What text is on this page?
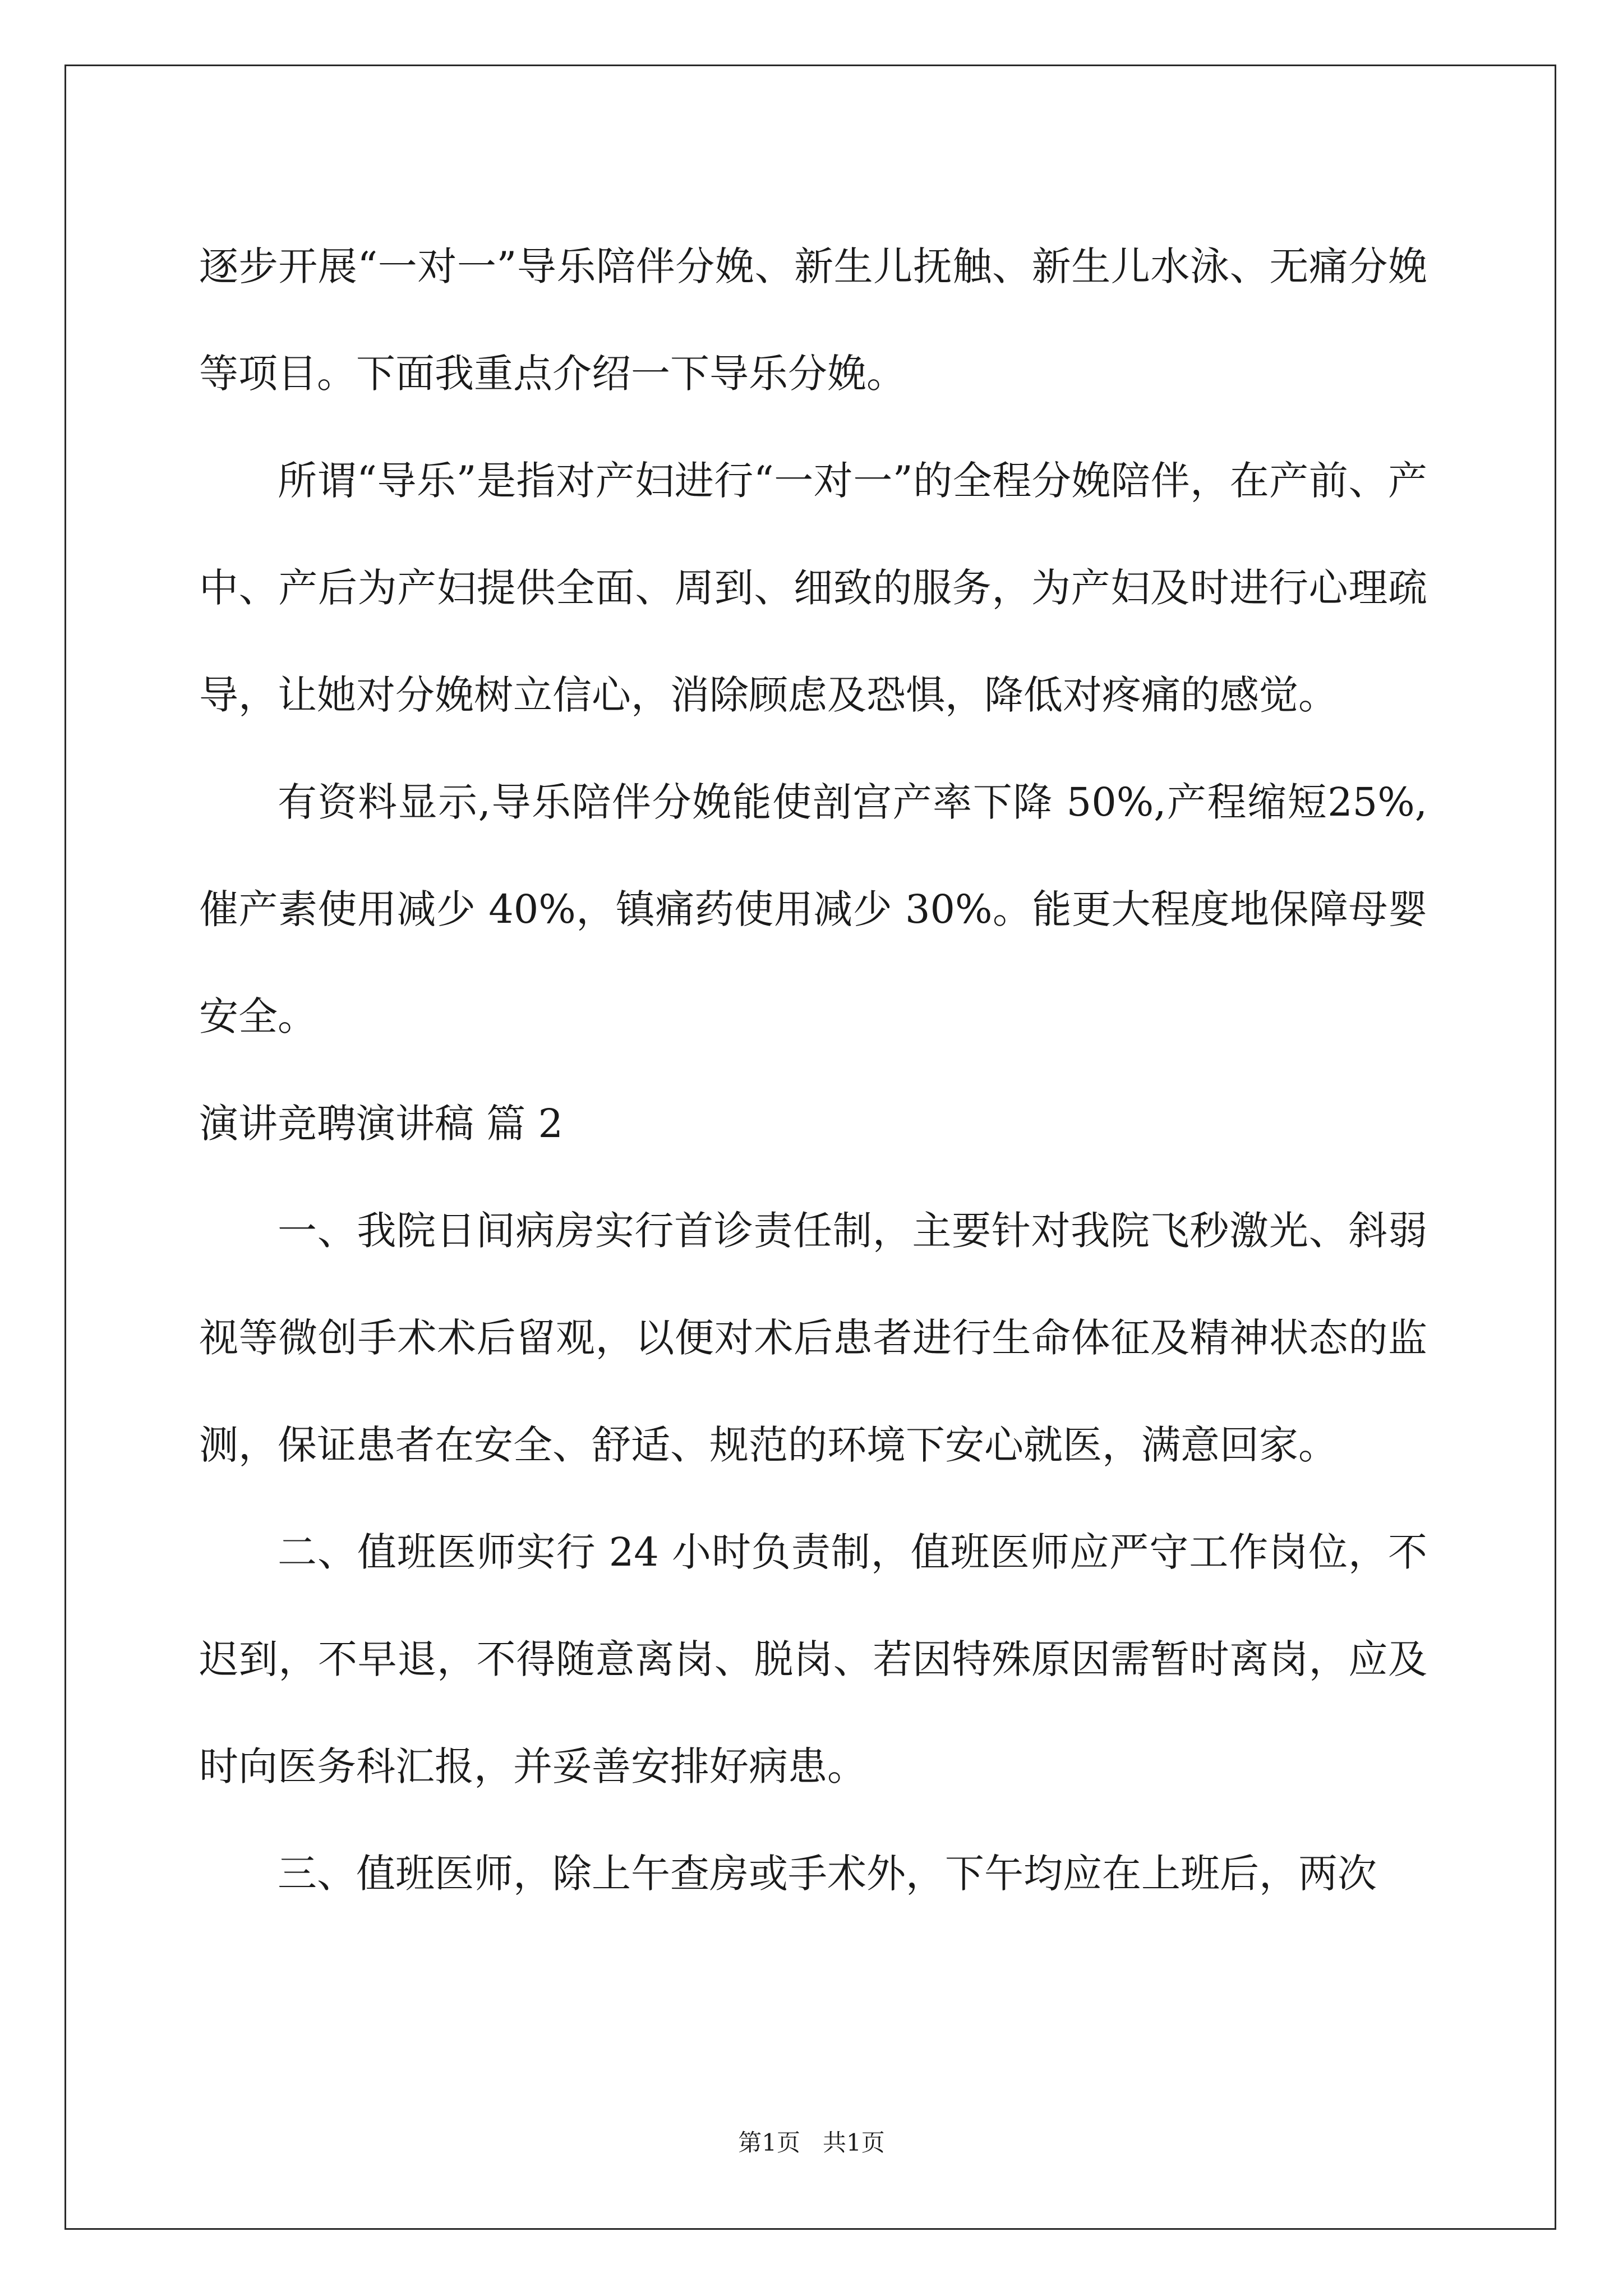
逐步开展“一对一”导乐陪伴分娩、新生儿抚触、新生儿水泳、无痛分娩等项目。下面我重点介绍一下导乐分娩。

所谓“导乐”是指对产妇进行“一对一”的全程分娩陪伴，在产前、产中、产后为产妇提供全面、周到、细致的服务，为产妇及时进行心理疏导，让她对分娩树立信心，消除顾虑及恐惧，降低对疼痛的感觉。

有资料显示,导乐陪伴分娩能使剖宫产率下降 50%,产程缩短25%,催产素使用减少 40%，镇痛药使用减少 30%。能更大程度地保障母婴安全。

演讲竞聘演讲稿 篇 2

一、我院日间病房实行首诊责任制，主要针对我院飞秒激光、斜弱视等微创手术术后留观，以便对术后患者进行生命体征及精神状态的监测，保证患者在安全、舒适、规范的环境下安心就医，满意回家。

二、值班医师实行 24 小时负责制，值班医师应严守工作岗位，不迟到，不早退，不得随意离岗、脱岗、若因特殊原因需暂时离岗，应及时向医务科汇报，并妥善安排好病患。

三、值班医师，除上午查房或手术外，下午均应在上班后，两次

第1页 共1页
